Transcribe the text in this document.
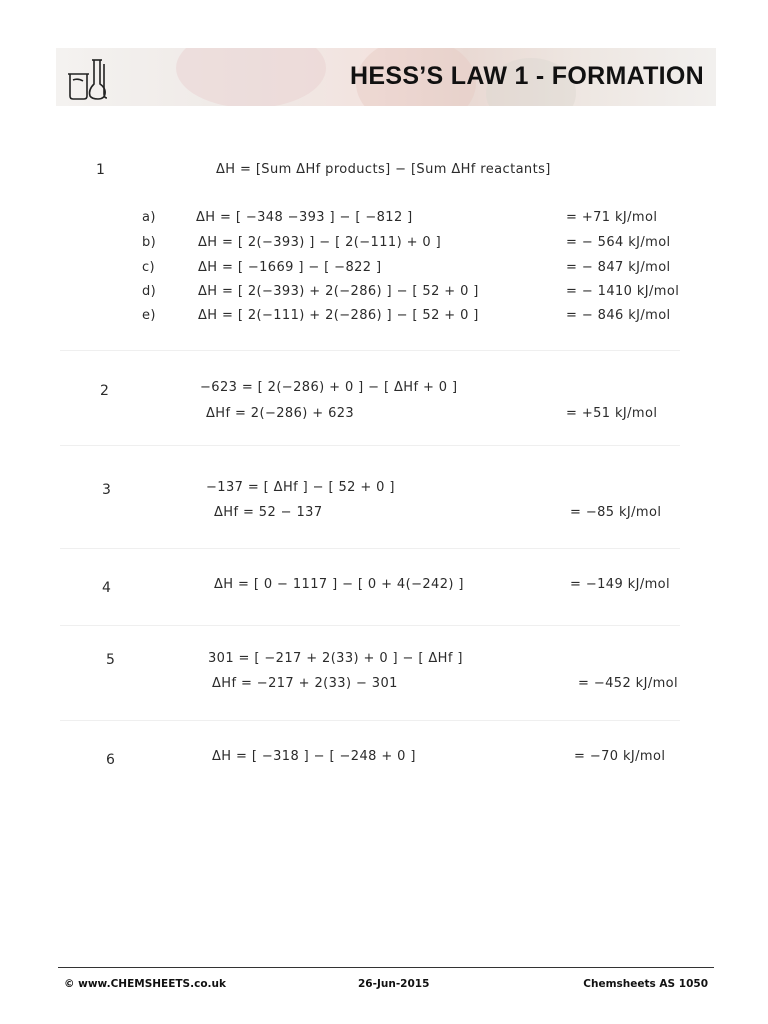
HESS’S LAW 1 - FORMATION
1	ΔH = [Sum ΔHf products] − [Sum ΔHf reactants]
a)	ΔH = [ −348 −393 ] − [ −812 ]	= +71 kJ/mol
b)	ΔH = [ 2(−393) ] − [ 2(−111) + 0 ]	= − 564 kJ/mol
c)	ΔH = [ −1669 ] − [ −822 ]	= − 847 kJ/mol
d)	ΔH = [ 2(−393) + 2(−286) ] − [ 52 + 0 ]	= − 1410 kJ/mol
e)	ΔH = [ 2(−111) + 2(−286) ] − [ 52 + 0 ]	= − 846 kJ/mol
2	−623 = [ 2(−286) + 0 ] − [ ΔHf + 0 ]
ΔHf = 2(−286) + 623	= +51 kJ/mol
3	−137 = [ ΔHf ] − [ 52 + 0 ]
ΔHf = 52 − 137	= −85 kJ/mol
4	ΔH = [ 0 − 1117 ] − [ 0 + 4(−242) ]	= −149 kJ/mol
5	301 = [ −217 + 2(33) + 0 ] − [ ΔHf ]
ΔHf = −217 + 2(33) − 301	= −452 kJ/mol
6	ΔH = [ −318 ] − [ −248 + 0 ]	= −70 kJ/mol
© www.CHEMSHEETS.co.uk	26-Jun-2015	Chemsheets AS 1050
